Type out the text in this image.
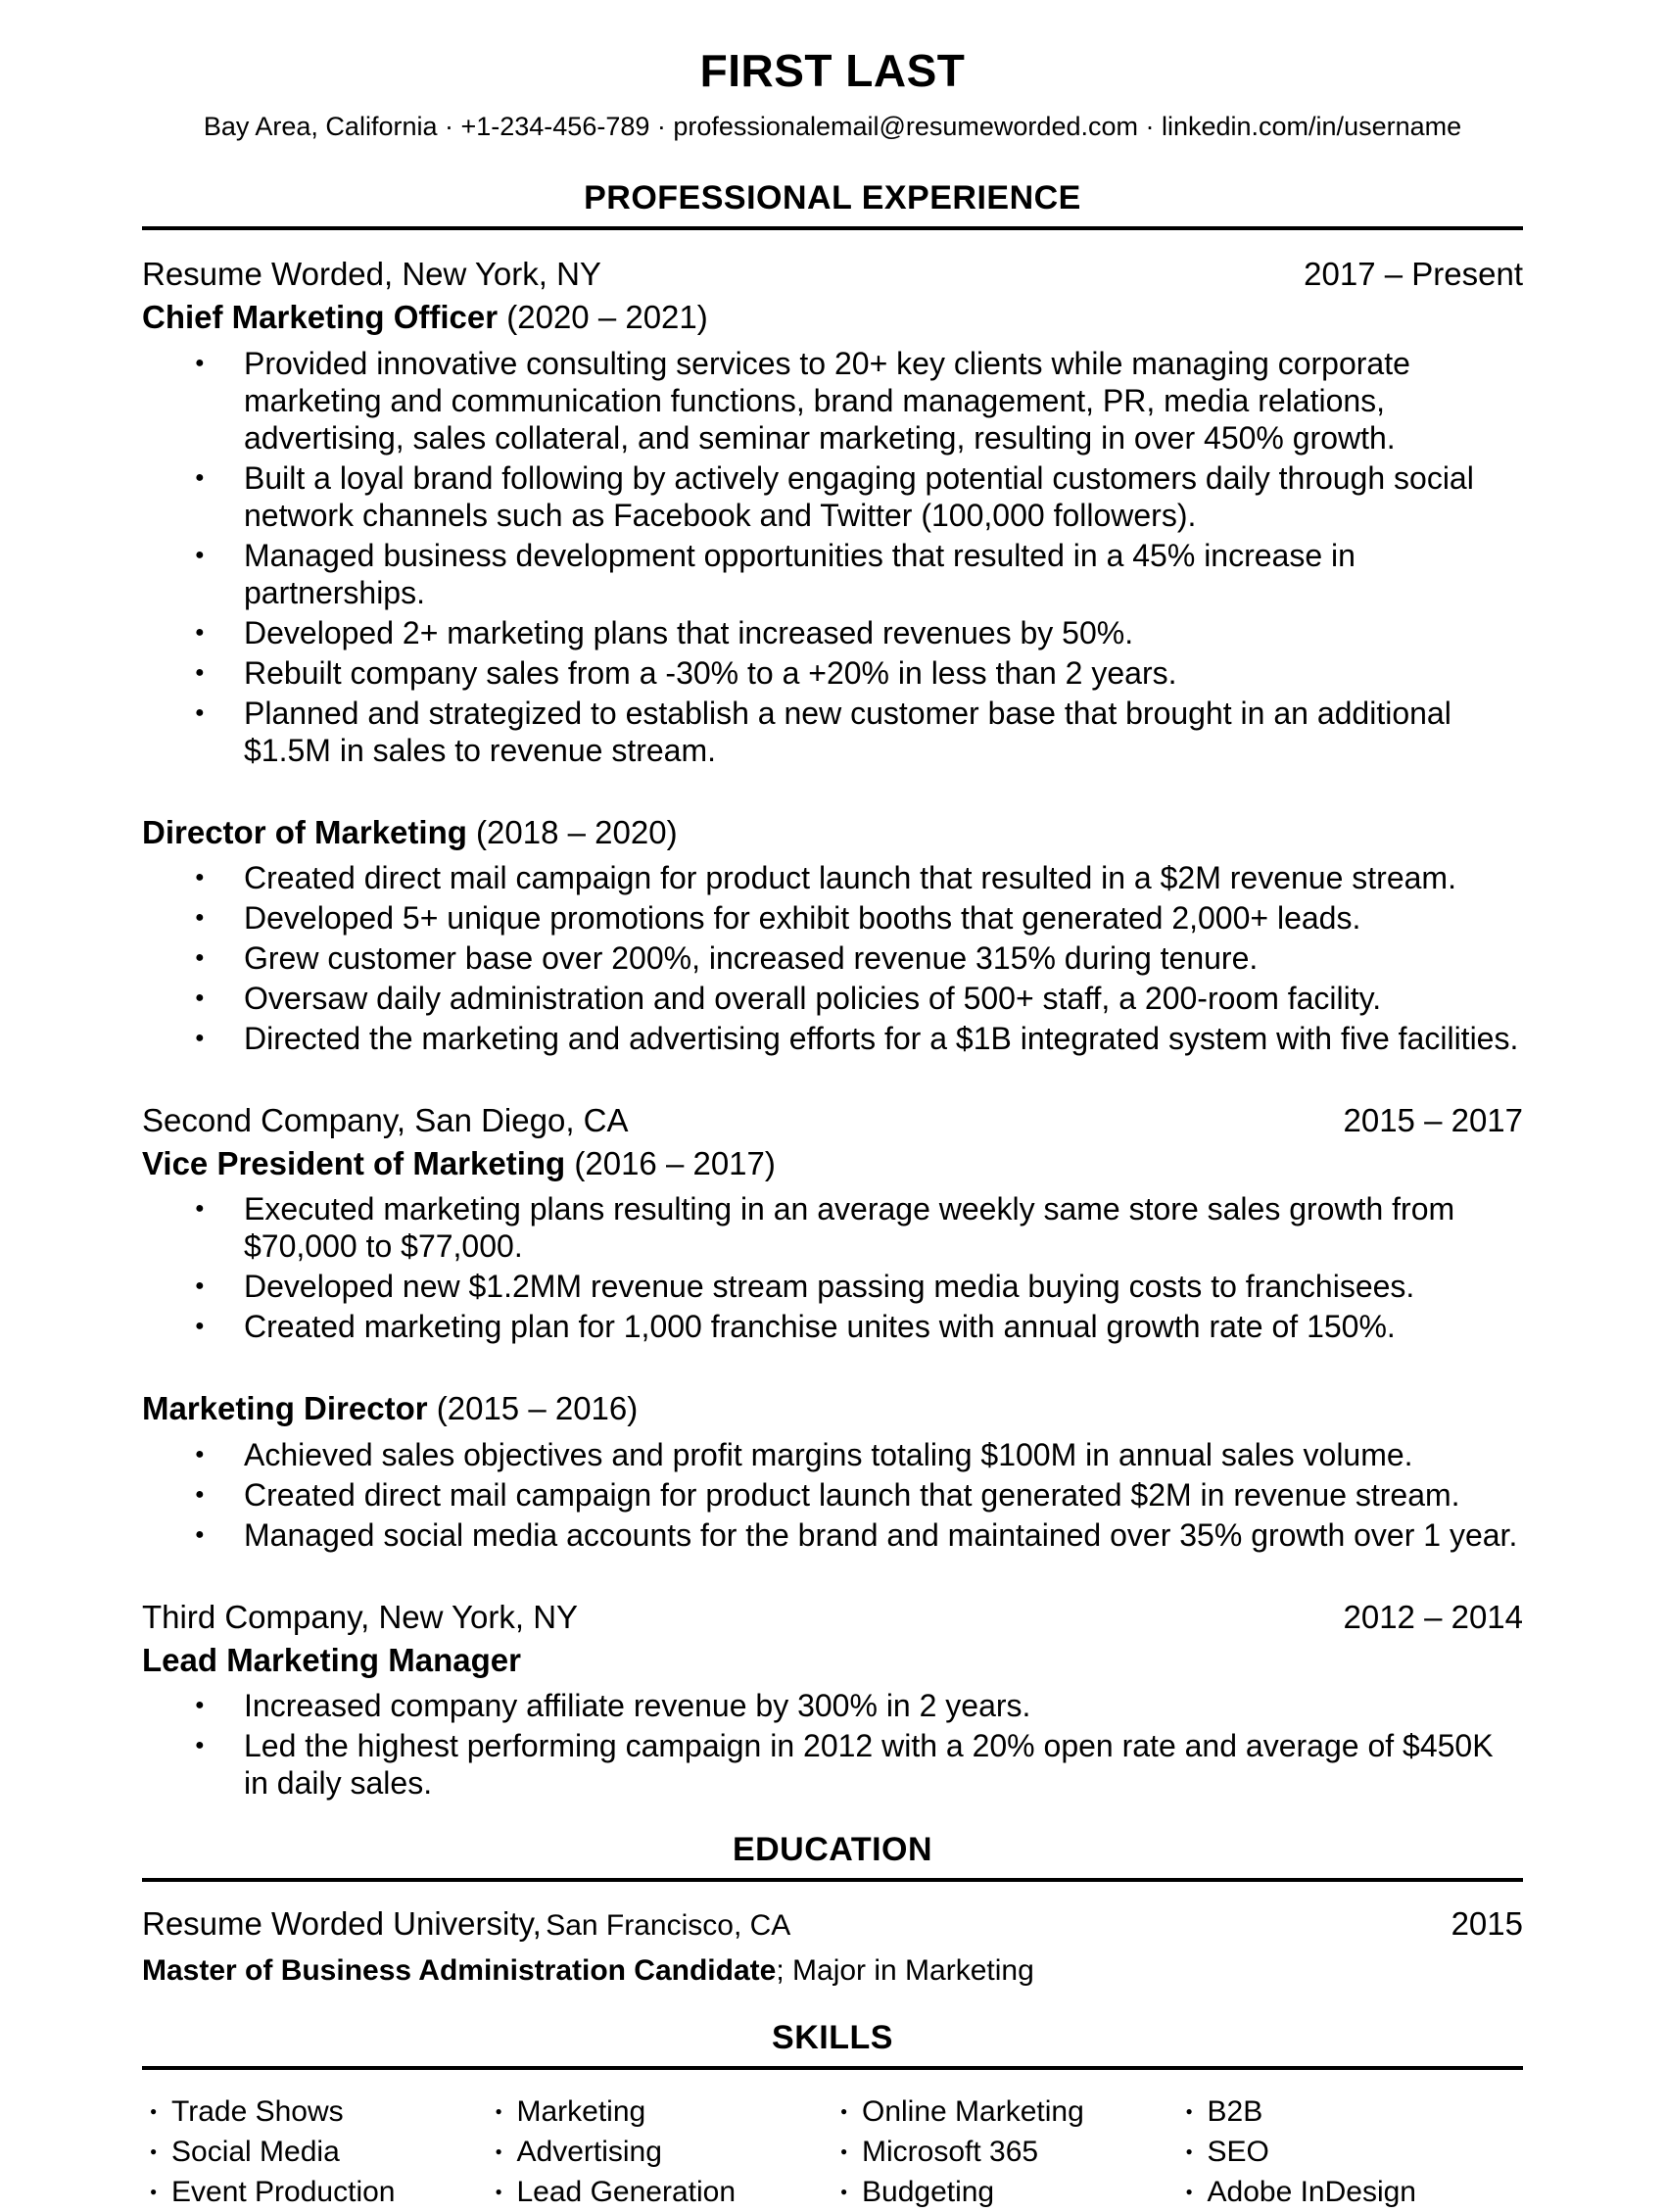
FIRST LAST

Bay Area, California · +1-234-456-789 · professionalemail@resumeworded.com · linkedin.com/in/username

PROFESSIONAL EXPERIENCE
Resume Worded, New York, NY	2017 – Present

Chief Marketing Officer (2020 – 2021)

● Provided innovative consulting services to 20+ key clients while managing corporate marketing and communication functions, brand management, PR, media relations, advertising, sales collateral, and seminar marketing, resulting in over 450% growth.
● Built a loyal brand following by actively engaging potential customers daily through social network channels such as Facebook and Twitter (100,000 followers).
● Managed business development opportunities that resulted in a 45% increase in partnerships.
● Developed 2+ marketing plans that increased revenues by 50%.
● Rebuilt company sales from a -30% to a +20% in less than 2 years.
● Planned and strategized to establish a new customer base that brought in an additional $1.5M in sales to revenue stream.

Director of Marketing (2018 – 2020)

● Created direct mail campaign for product launch that resulted in a $2M revenue stream.
● Developed 5+ unique promotions for exhibit booths that generated 2,000+ leads.
● Grew customer base over 200%, increased revenue 315% during tenure.
● Oversaw daily administration and overall policies of 500+ staff, a 200-room facility.
● Directed the marketing and advertising efforts for a $1B integrated system with five facilities.
Second Company, San Diego, CA	2015 – 2017

Vice President of Marketing (2016 – 2017)

● Executed marketing plans resulting in an average weekly same store sales growth from $70,000 to $77,000.
● Developed new $1.2MM revenue stream passing media buying costs to franchisees.
● Created marketing plan for 1,000 franchise unites with annual growth rate of 150%.

Marketing Director (2015 – 2016)

● Achieved sales objectives and profit margins totaling $100M in annual sales volume.
● Created direct mail campaign for product launch that generated $2M in revenue stream.
● Managed social media accounts for the brand and maintained over 35% growth over 1 year.
Third Company, New York, NY	2012 – 2014

Lead Marketing Manager

● Increased company affiliate revenue by 300% in 2 years.
● Led the highest performing campaign in 2012 with a 20% open rate and average of $450K in daily sales.
EDUCATION
Resume Worded University, San Francisco, CA	2015

Master of Business Administration Candidate; Major in Marketing

SKILLS
● Trade Shows
● Social Media
● Event Production
● Marketing
● Advertising
● Lead Generation
● Online Marketing
● Microsoft 365
● Budgeting
● B2B
● SEO
● Adobe InDesign
